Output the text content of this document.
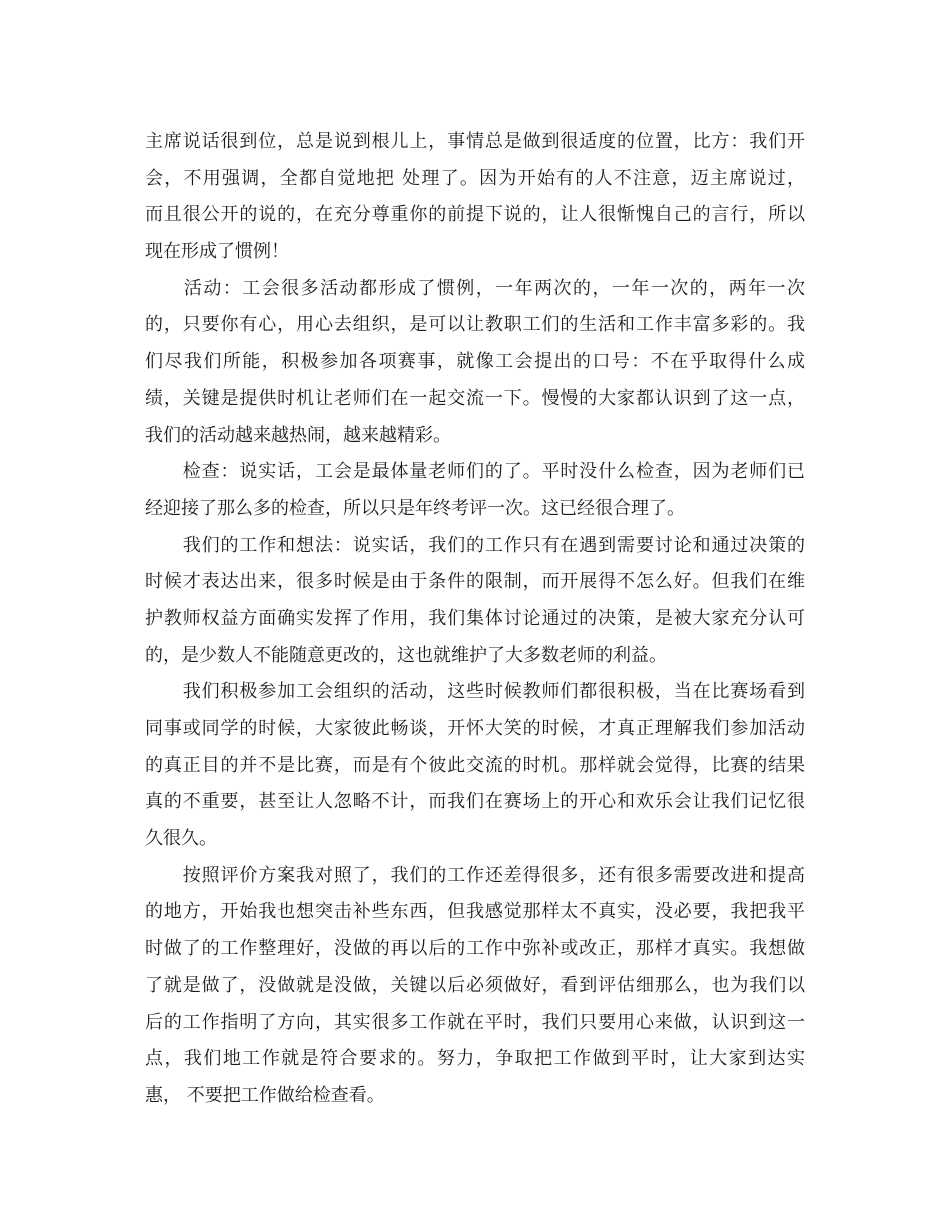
主席说话很到位，总是说到根儿上，事情总是做到很适度的位置，比方：我们开
会，不用强调，全都自觉地把 处理了。因为开始有的人不注意，迈主席说过，
而且很公开的说的，在充分尊重你的前提下说的，让人很惭愧自己的言行，所以
现在形成了惯例！
　　活动：工会很多活动都形成了惯例，一年两次的，一年一次的，两年一次
的，只要你有心，用心去组织，是可以让教职工们的生活和工作丰富多彩的。我
们尽我们所能，积极参加各项赛事，就像工会提出的口号：不在乎取得什么成
绩，关键是提供时机让老师们在一起交流一下。慢慢的大家都认识到了这一点，
我们的活动越来越热闹，越来越精彩。
　　检查：说实话，工会是最体量老师们的了。平时没什么检查，因为老师们已
经迎接了那么多的检查，所以只是年终考评一次。这已经很合理了。
　　我们的工作和想法：说实话，我们的工作只有在遇到需要讨论和通过决策的
时候才表达出来，很多时候是由于条件的限制，而开展得不怎么好。但我们在维
护教师权益方面确实发挥了作用，我们集体讨论通过的决策，是被大家充分认可
的，是少数人不能随意更改的，这也就维护了大多数老师的利益。
　　我们积极参加工会组织的活动，这些时候教师们都很积极，当在比赛场看到
同事或同学的时候，大家彼此畅谈，开怀大笑的时候，才真正理解我们参加活动
的真正目的并不是比赛，而是有个彼此交流的时机。那样就会觉得，比赛的结果
真的不重要，甚至让人忽略不计，而我们在赛场上的开心和欢乐会让我们记忆很
久很久。
　　按照评价方案我对照了，我们的工作还差得很多，还有很多需要改进和提高
的地方，开始我也想突击补些东西，但我感觉那样太不真实，没必要，我把我平
时做了的工作整理好，没做的再以后的工作中弥补或改正，那样才真实。我想做
了就是做了，没做就是没做，关键以后必须做好，看到评估细那么，也为我们以
后的工作指明了方向，其实很多工作就在平时，我们只要用心来做，认识到这一
点，我们地工作就是符合要求的。努力，争取把工作做到平时，让大家到达实
惠， 不要把工作做给检查看。
